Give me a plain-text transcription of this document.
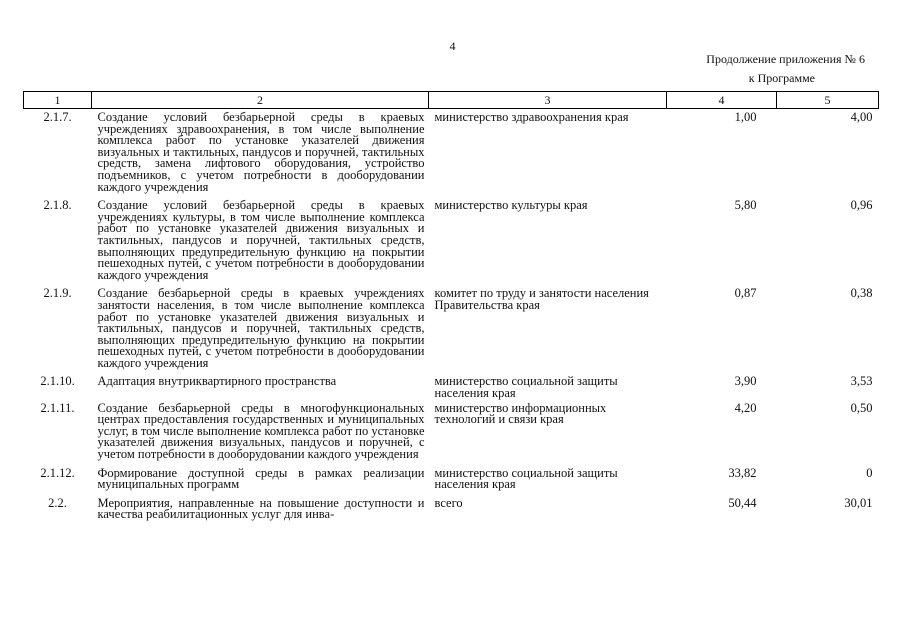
4
Продолжение приложения № 6
к Программе
1	2	3	4	5
2.1.7.	Создание условий безбарьерной среды в краевых учреждениях здравоохранения, в том числе выполнение комплекса работ по установке указателей движения визуальных и тактильных, пандусов и поручней, тактильных средств, замена лифтового оборудования, устройство подъемников, с учетом потребности в дооборудовании каждого учреждения	министерство здравоохранения края	1,00	4,00
2.1.8.	Создание условий безбарьерной среды в краевых учреждениях культуры, в том числе выполнение комплекса работ по установке указателей движения визуальных и тактильных, пандусов и поручней, тактильных средств, выполняющих предупредительную функцию на покрытии пешеходных путей, с учетом потребности в дооборудовании каждого учреждения	министерство культуры края	5,80	0,96
2.1.9.	Создание безбарьерной среды в краевых учреждениях занятости населения, в том числе выполнение комплекса работ по установке указателей движения визуальных и тактильных, пандусов и поручней, тактильных средств, выполняющих предупредительную функцию на покрытии пешеходных путей, с учетом потребности в дооборудовании каждого учреждения	комитет по труду и занятости населения Правительства края	0,87	0,38
2.1.10.	Адаптация внутриквартирного пространства	министерство социальной защиты населения края	3,90	3,53
2.1.11.	Создание безбарьерной среды в многофункциональных центрах предоставления государственных и муниципальных услуг, в том числе выполнение комплекса работ по установке указателей движения визуальных, пандусов и поручней, с учетом потребности в дооборудовании каждого учреждения	министерство информационных технологий и связи края	4,20	0,50
2.1.12.	Формирование доступной среды в рамках реализации муниципальных программ	министерство социальной защиты населения края	33,82	0
2.2.	Мероприятия, направленные на повышение доступности и качества реабилитационных услуг для инва-	всего	50,44	30,01
